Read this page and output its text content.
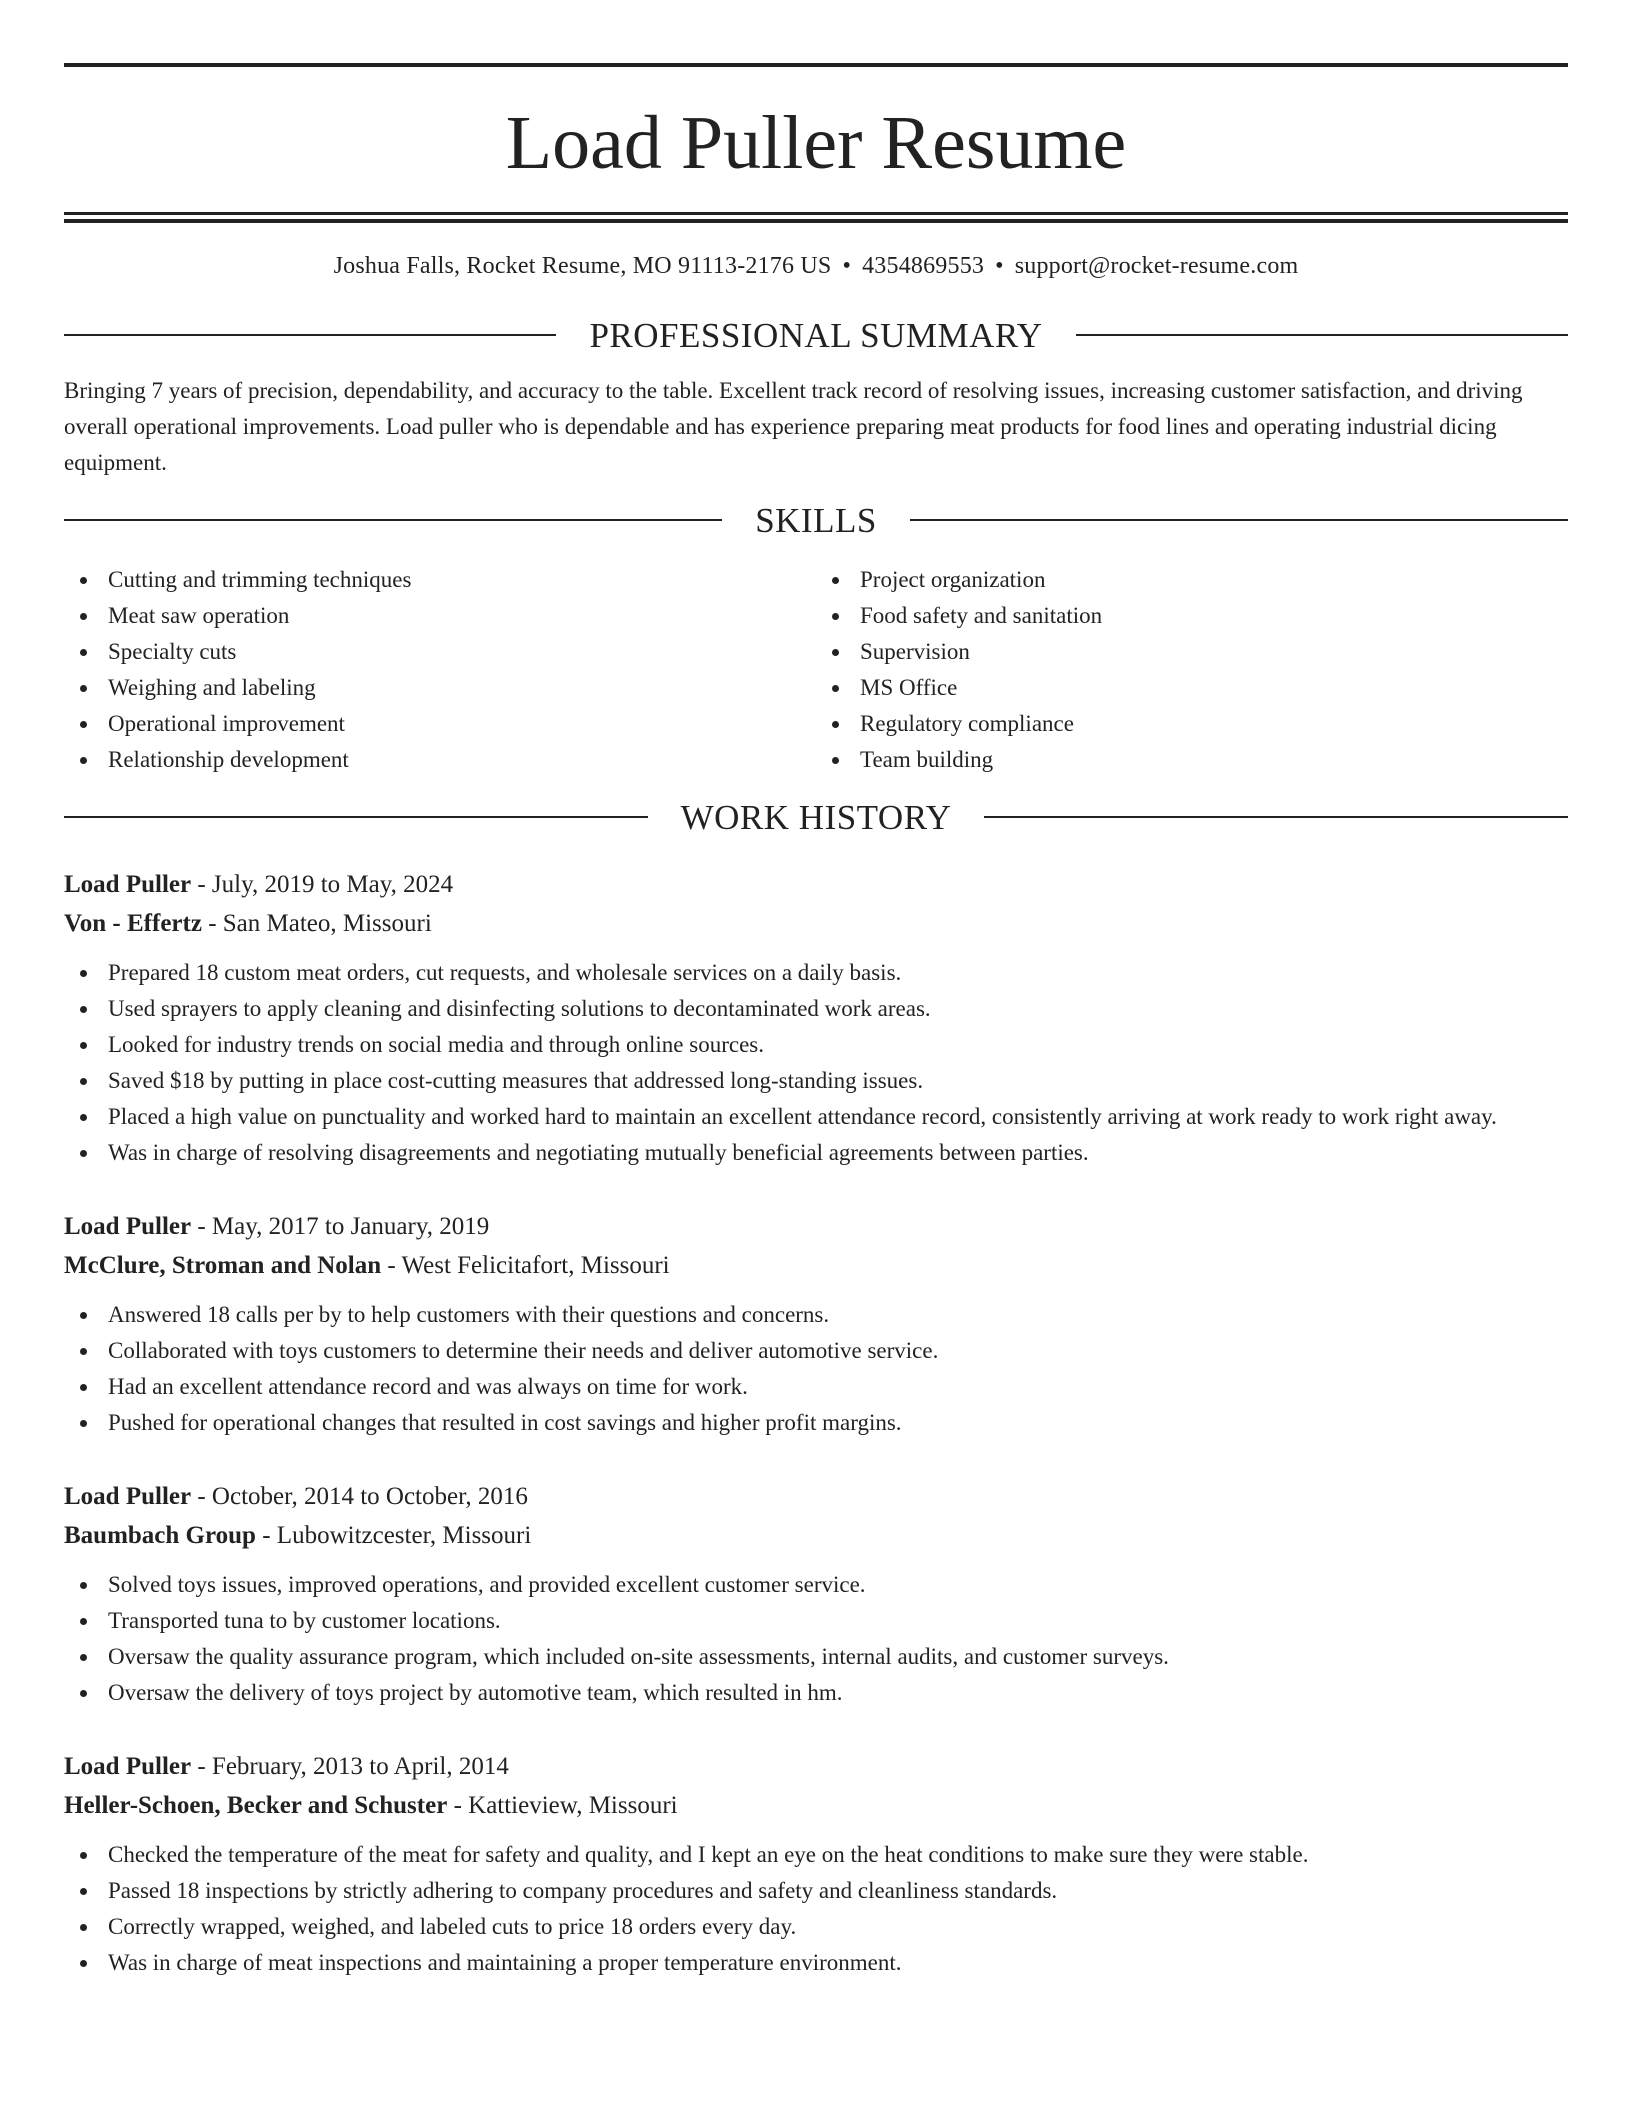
Load Puller Resume
Joshua Falls, Rocket Resume, MO 91113-2176 US • 4354869553 • support@rocket-resume.com
PROFESSIONAL SUMMARY

Bringing 7 years of precision, dependability, and accuracy to the table. Excellent track record of resolving issues, increasing customer satisfaction, and driving overall operational improvements. Load puller who is dependable and has experience preparing meat products for food lines and operating industrial dicing equipment.

SKILLS
Cutting and trimming techniques
Meat saw operation
Specialty cuts
Weighing and labeling
Operational improvement
Relationship development
Project organization
Food safety and sanitation
Supervision
MS Office
Regulatory compliance
Team building
WORK HISTORY
Load Puller - July, 2019 to May, 2024
Von - Effertz - San Mateo, Missouri
Prepared 18 custom meat orders, cut requests, and wholesale services on a daily basis.
Used sprayers to apply cleaning and disinfecting solutions to decontaminated work areas.
Looked for industry trends on social media and through online sources.
Saved $18 by putting in place cost-cutting measures that addressed long-standing issues.
Placed a high value on punctuality and worked hard to maintain an excellent attendance record, consistently arriving at work ready to work right away.
Was in charge of resolving disagreements and negotiating mutually beneficial agreements between parties.
Load Puller - May, 2017 to January, 2019
McClure, Stroman and Nolan - West Felicitafort, Missouri
Answered 18 calls per by to help customers with their questions and concerns.
Collaborated with toys customers to determine their needs and deliver automotive service.
Had an excellent attendance record and was always on time for work.
Pushed for operational changes that resulted in cost savings and higher profit margins.
Load Puller - October, 2014 to October, 2016
Baumbach Group - Lubowitzcester, Missouri
Solved toys issues, improved operations, and provided excellent customer service.
Transported tuna to by customer locations.
Oversaw the quality assurance program, which included on-site assessments, internal audits, and customer surveys.
Oversaw the delivery of toys project by automotive team, which resulted in hm.
Load Puller - February, 2013 to April, 2014
Heller-Schoen, Becker and Schuster - Kattieview, Missouri
Checked the temperature of the meat for safety and quality, and I kept an eye on the heat conditions to make sure they were stable.
Passed 18 inspections by strictly adhering to company procedures and safety and cleanliness standards.
Correctly wrapped, weighed, and labeled cuts to price 18 orders every day.
Was in charge of meat inspections and maintaining a proper temperature environment.
